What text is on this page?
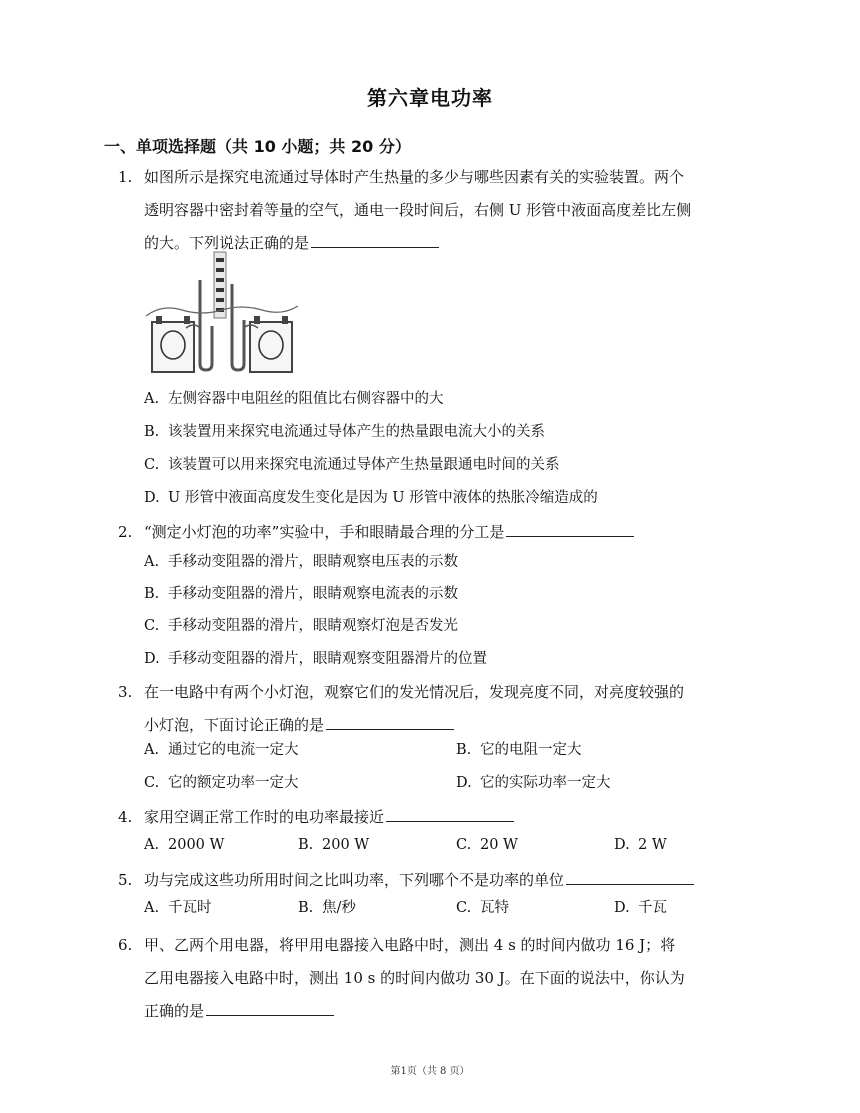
第六章电功率
一、单项选择题（共 10 小题；共 20 分）
1. 如图所示是探究电流通过导体时产生热量的多少与哪些因素有关的实验装置。两个
透明容器中密封着等量的空气，通电一段时间后，右侧 U 形管中液面高度差比左侧
的大。下列说法正确的是
A. 左侧容器中电阻丝的阻值比右侧容器中的大
B. 该装置用来探究电流通过导体产生的热量跟电流大小的关系
C. 该装置可以用来探究电流通过导体产生热量跟通电时间的关系
D. U 形管中液面高度发生变化是因为 U 形管中液体的热胀冷缩造成的
2. “测定小灯泡的功率”实验中，手和眼睛最合理的分工是
A. 手移动变阻器的滑片，眼睛观察电压表的示数
B. 手移动变阻器的滑片，眼睛观察电流表的示数
C. 手移动变阻器的滑片，眼睛观察灯泡是否发光
D. 手移动变阻器的滑片，眼睛观察变阻器滑片的位置
3. 在一电路中有两个小灯泡，观察它们的发光情况后，发现亮度不同，对亮度较强的
小灯泡，下面讨论正确的是
A. 通过它的电流一定大	B. 它的电阻一定大
C. 它的额定功率一定大	D. 它的实际功率一定大
4. 家用空调正常工作时的电功率最接近
A. 2000 W	B. 200 W	C. 20 W	D. 2 W
5. 功与完成这些功所用时间之比叫功率，下列哪个不是功率的单位
A. 千瓦时	B. 焦/秒	C. 瓦特	D. 千瓦
6. 甲、乙两个用电器，将甲用电器接入电路中时，测出 4 s 的时间内做功 16 J；将
乙用电器接入电路中时，测出 10 s 的时间内做功 30 J。在下面的说法中，你认为
正确的是
第1页（共 8 页）
